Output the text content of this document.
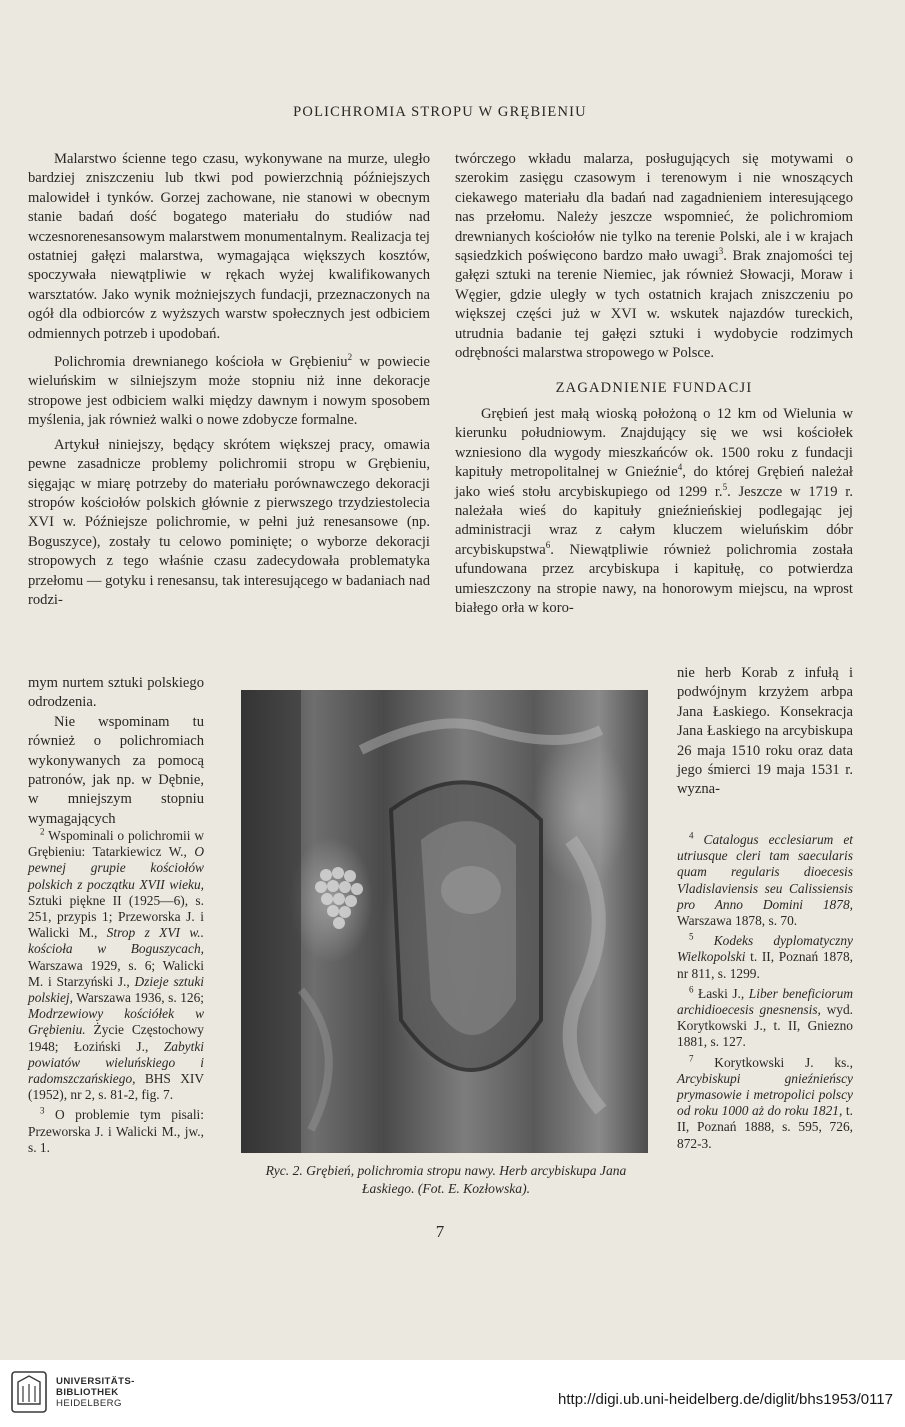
POLICHROMIA STROPU W GRĘBIENIU

Malarstwo ścienne tego czasu, wykonywane na murze, uległo bardziej zniszczeniu lub tkwi pod powierzchnią późniejszych malowideł i tynków. Gorzej zachowane, nie stanowi w obecnym stanie badań dość bogatego materiału do studiów nad wczesnorenesansowym malarstwem monumentalnym. Realizacja tej ostatniej gałęzi malarstwa, wymagająca większych kosztów, spoczywała niewątpliwie w rękach wyżej kwalifikowanych warsztatów. Jako wynik możniejszych fundacji, przeznaczonych na ogół dla odbiorców z wyższych warstw społecznych jest odbiciem odmiennych potrzeb i upodobań.

Polichromia drewnianego kościoła w Grębieniu$^2$ w powiecie wieluńskim w silniejszym może stopniu niż inne dekoracje stropowe jest odbiciem walki między dawnym i nowym sposobem myślenia, jak również walki o nowe zdobycze formalne.

Artykuł niniejszy, będący skrótem większej pracy, omawia pewne zasadnicze problemy polichromii stropu w Grębieniu, sięgając w miarę potrzeby do materiału porównawczego dekoracji stropów kościołów polskich głównie z pierwszego trzydziestolecia XVI w. Późniejsze polichromie, w pełni już renesansowe (np. Boguszyce), zostały tu celowo pominięte; o wyborze dekoracji stropowych z tego właśnie czasu zadecydowała problematyka przełomu — gotyku i renesansu, tak interesującego w badaniach nad rodzi-

mym nurtem sztuki polskiego odrodzenia.

Nie wspominam tu również o polichromiach wykonywanych za pomocą patronów, jak np. w Dębnie, w mniejszym stopniu wymagających

twórczego wkładu malarza, posługujących się motywami o szerokim zasięgu czasowym i terenowym i nie wnoszących ciekawego materiału dla badań nad zagadnieniem interesującego nas przełomu. Należy jeszcze wspomnieć, że polichromiom drewnianych kościołów nie tylko na terenie Polski, ale i w krajach sąsiedzkich poświęcono bardzo mało uwagi$^3$. Brak znajomości tej gałęzi sztuki na terenie Niemiec, jak również Słowacji, Moraw i Węgier, gdzie uległy w tych ostatnich krajach zniszczeniu po większej części już w XVI w. wskutek najazdów tureckich, utrudnia badanie tej gałęzi sztuki i wydobycie rodzimych odrębności malarstwa stropowego w Polsce.

ZAGADNIENIE FUNDACJI

Grębień jest małą wioską położoną o 12 km od Wielunia w kierunku południowym. Znajdujący się we wsi kościołek wzniesiono dla wygody mieszkańców ok. 1500 roku z fundacji kapituły metropolitalnej w Gnieźnie$^4$, do której Grębień należał jako wieś stołu arcybiskupiego od 1299 r.$^5$. Jeszcze w 1719 r. należała wieś do kapituły gnieźnieńskiej podlegając jej administracji wraz z całym kluczem wieluńskim dóbr arcybiskupstwa$^6$. Niewątpliwie również polichromia została ufundowana przez arcybiskupa i kapitułę, co potwierdza umieszczony na stropie nawy, na honorowym miejscu, na wprost białego orła w koro-

nie herb Korab z infułą i podwójnym krzyżem arbpa Jana Łaskiego. Konsekracja Jana Łaskiego na arcybiskupa 26 maja 1510 roku oraz data jego śmierci 19 maja 1531 r. wyzna-

$^2$ Wspominali o polichromii w Grębieniu: Tatarkiewicz W., O pewnej grupie kościołów polskich z początku XVII wieku, Sztuki piękne II (1925—6), s. 251, przypis 1; Przeworska J. i Walicki M., Strop z XVI w.. kościoła w Boguszycach, Warszawa 1929, s. 6; Walicki M. i Starzyński J., Dzieje sztuki polskiej, Warszawa 1936, s. 126; Modrzewiowy kościółek w Grębieniu. Życie Częstochowy 1948; Łoziński J., Zabytki powiatów wieluńskiego i radomszczańskiego, BHS XIV (1952), nr 2, s. 81-2, fig. 7.

$^3$ O problemie tym pisali: Przeworska J. i Walicki M., jw., s. 1.

$^4$ Catalogus ecclesiarum et utriusque cleri tam saecularis quam regularis dioecesis Vladislaviensis seu Calissiensis pro Anno Domini 1878, Warszawa 1878, s. 70.

$^5$ Kodeks dyplomatyczny Wielkopolski t. II, Poznań 1878, nr 811, s. 1299.

$^6$ Łaski J., Liber beneficiorum archidioecesis gnesnensis, wyd. Korytkowski J., t. II, Gniezno 1881, s. 127.

$^7$ Korytkowski J. ks., Arcybiskupi gnieźnieńscy prymasowie i metropolici polscy od roku 1000 aż do roku 1821, t. II, Poznań 1888, s. 595, 726, 872-3.

Ryc. 2. Grębień, polichromia stropu nawy. Herb arcybiskupa Jana Łaskiego. (Fot. E. Kozłowska).
7
UNIVERSITÄTS-
BIBLIOTHEK
HEIDELBERG	http://digi.ub.uni-heidelberg.de/diglit/bhs1953/0117
